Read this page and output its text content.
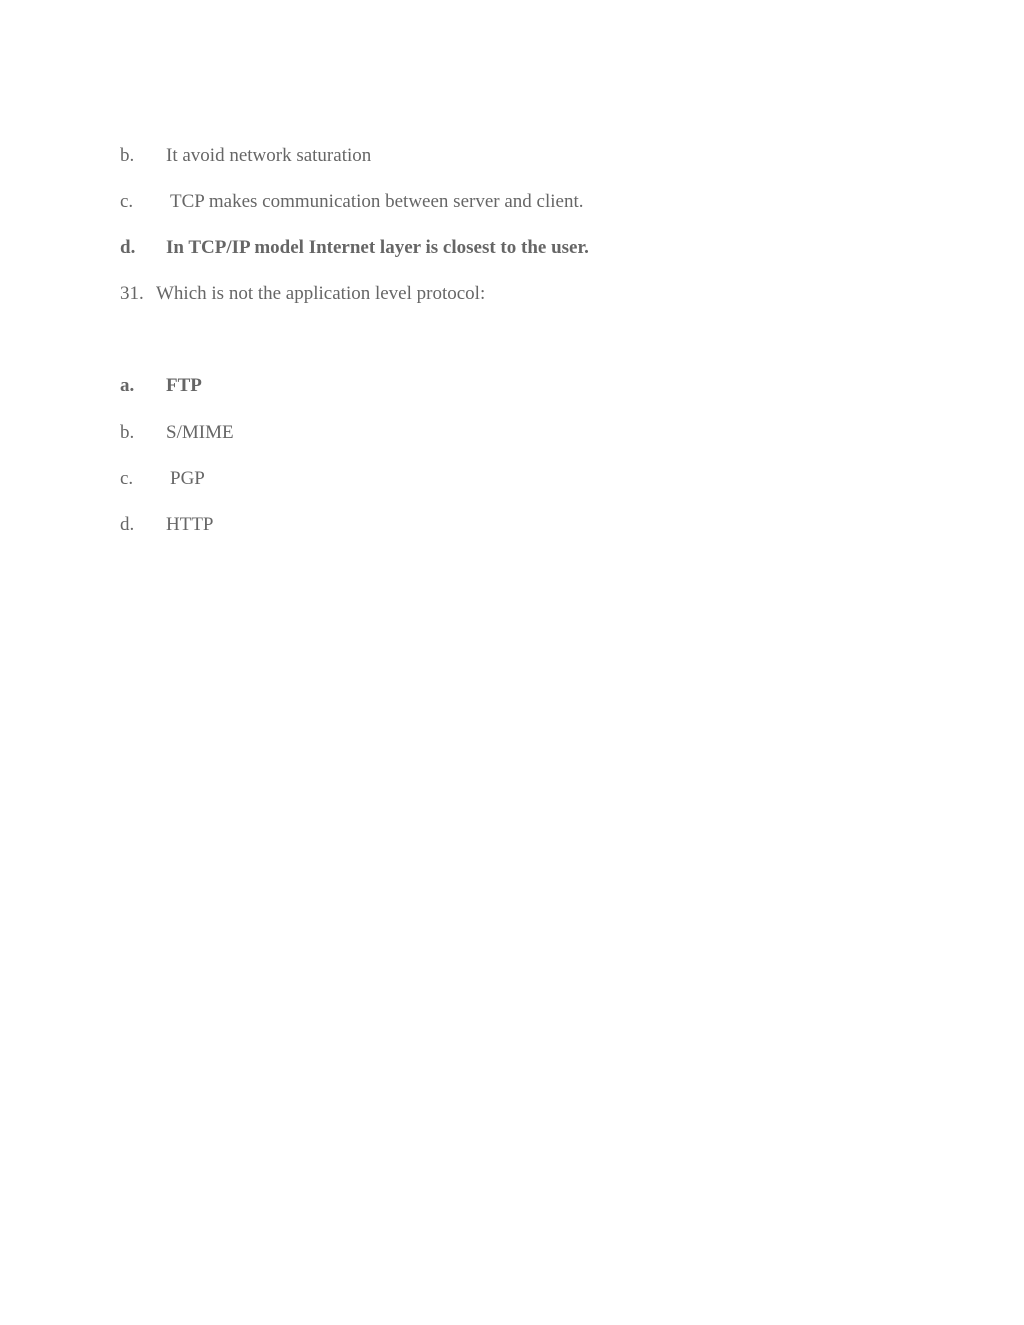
b.	It avoid network saturation
c.	TCP makes communication between server and client.
d.	In TCP/IP model Internet layer is closest to the user.
31. Which is not the application level protocol:
a.	FTP
b.	S/MIME
c.	PGP
d.	HTTP
